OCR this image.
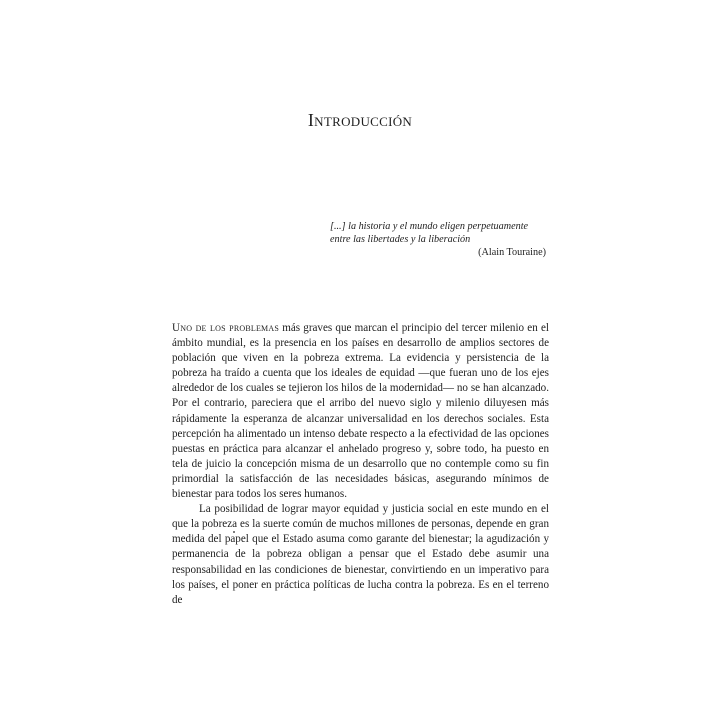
Introducción
[...] la historia y el mundo eligen perpetuamente
entre las libertades y la liberación
(Alain Touraine)

Uno de los problemas más graves que marcan el principio del tercer milenio en el ámbito mundial, es la presencia en los países en desarrollo de amplios sectores de población que viven en la pobreza extrema. La evidencia y persistencia de la pobreza ha traído a cuenta que los ideales de equidad —que fueran uno de los ejes alrededor de los cuales se tejieron los hilos de la modernidad— no se han alcanzado. Por el contrario, pareciera que el arribo del nuevo siglo y milenio diluyesen más rápidamente la esperanza de alcanzar universalidad en los derechos sociales. Esta percepción ha alimentado un intenso debate respecto a la efectividad de las opciones puestas en práctica para alcanzar el anhelado progreso y, sobre todo, ha puesto en tela de juicio la concepción misma de un desarrollo que no contemple como su fin primordial la satisfacción de las necesidades básicas, asegurando mínimos de bienestar para todos los seres humanos.

La posibilidad de lograr mayor equidad y justicia social en este mundo en el que la pobreza es la suerte común de muchos millones de personas, depende en gran medida del papel que el Estado asuma como garante del bienestar; la agudización y permanencia de la pobreza obligan a pensar que el Estado debe asumir una responsabilidad en las condiciones de bienestar, convirtiendo en un imperativo para los países, el poner en práctica políticas de lucha contra la pobreza. Es en el terreno de
